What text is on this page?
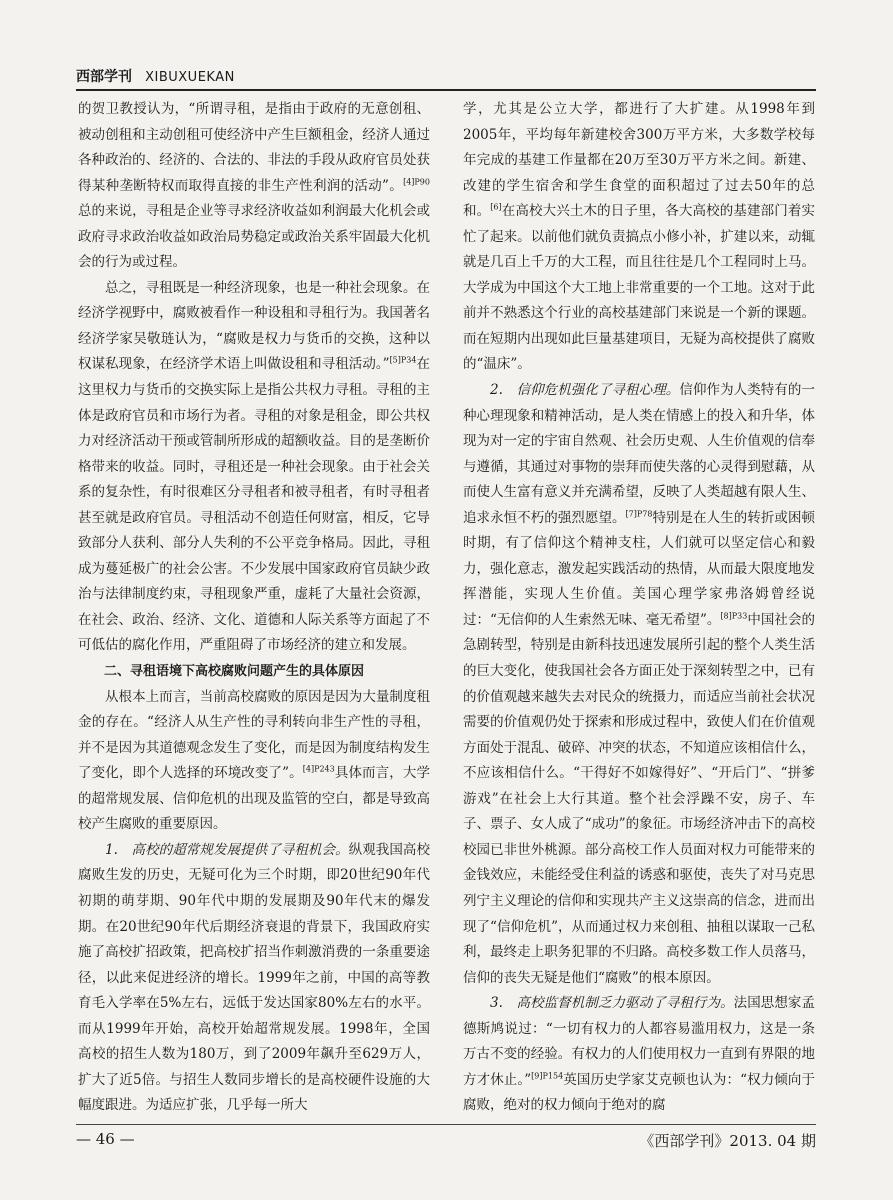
西部学刊 XIBUXUEKAN

的贺卫教授认为，“所谓寻租，是指由于政府的无意创租、被动创租和主动创租可使经济中产生巨额租金，经济人通过各种政治的、经济的、合法的、非法的手段从政府官员处获得某种垄断特权而取得直接的非生产性利润的活动”。$^{[4]P90}$总的来说，寻租是企业等寻求经济收益如利润最大化机会或政府寻求政治收益如政治局势稳定或政治关系牢固最大化机会的行为或过程。

总之，寻租既是一种经济现象，也是一种社会现象。在经济学视野中，腐败被看作一种设租和寻租行为。我国著名经济学家吴敬琏认为，“腐败是权力与货币的交换，这种以权谋私现象，在经济学术语上叫做设租和寻租活动。”$^{[5]P34}$在这里权力与货币的交换实际上是指公共权力寻租。寻租的主体是政府官员和市场行为者。寻租的对象是租金，即公共权力对经济活动干预或管制所形成的超额收益。目的是垄断价格带来的收益。同时，寻租还是一种社会现象。由于社会关系的复杂性，有时很难区分寻租者和被寻租者，有时寻租者甚至就是政府官员。寻租活动不创造任何财富，相反，它导致部分人获利、部分人失利的不公平竞争格局。因此，寻租成为蔓延极广的社会公害。不少发展中国家政府官员缺少政治与法律制度约束，寻租现象严重，虚耗了大量社会资源，在社会、政治、经济、文化、道德和人际关系等方面起了不可低估的腐化作用，严重阻碍了市场经济的建立和发展。

二、寻租语境下高校腐败问题产生的具体原因

从根本上而言，当前高校腐败的原因是因为大量制度租金的存在。“经济人从生产性的寻利转向非生产性的寻租，并不是因为其道德观念发生了变化，而是因为制度结构发生了变化，即个人选择的环境改变了”。$^{[4]P243}$具体而言，大学的超常规发展、信仰危机的出现及监管的空白，都是导致高校产生腐败的重要原因。

1.　高校的超常规发展提供了寻租机会。纵观我国高校腐败生发的历史，无疑可化为三个时期，即20世纪90年代初期的萌芽期、90年代中期的发展期及90年代末的爆发期。在20世纪90年代后期经济衰退的背景下，我国政府实施了高校扩招政策，把高校扩招当作刺激消费的一条重要途径，以此来促进经济的增长。1999年之前，中国的高等教育毛入学率在5%左右，远低于发达国家80%左右的水平。而从1999年开始，高校开始超常规发展。1998年，全国高校的招生人数为180万，到了2009年飙升至629万人，扩大了近5倍。与招生人数同步增长的是高校硬件设施的大幅度跟进。为适应扩张，几乎每一所大

学，尤其是公立大学，都进行了大扩建。从1998年到2005年，平均每年新建校舍300万平方米，大多数学校每年完成的基建工作量都在20万至30万平方米之间。新建、改建的学生宿舍和学生食堂的面积超过了过去50年的总和。[6]在高校大兴土木的日子里，各大高校的基建部门着实忙了起来。以前他们就负责搞点小修小补，扩建以来，动辄就是几百上千万的大工程，而且往往是几个工程同时上马。大学成为中国这个大工地上非常重要的一个工地。这对于此前并不熟悉这个行业的高校基建部门来说是一个新的课题。而在短期内出现如此巨量基建项目，无疑为高校提供了腐败的“温床”。

2.　信仰危机强化了寻租心理。信仰作为人类特有的一种心理现象和精神活动，是人类在情感上的投入和升华，体现为对一定的宇宙自然观、社会历史观、人生价值观的信奉与遵循，其通过对事物的崇拜而使失落的心灵得到慰藉，从而使人生富有意义并充满希望，反映了人类超越有限人生、追求永恒不朽的强烈愿望。$^{[7]P78}$特别是在人生的转折或困顿时期，有了信仰这个精神支柱，人们就可以坚定信心和毅力，强化意志，激发起实践活动的热情，从而最大限度地发挥潜能，实现人生价值。美国心理学家弗洛姆曾经说过：“无信仰的人生索然无味、毫无希望”。$^{[8]P33}$中国社会的急剧转型，特别是由新科技迅速发展所引起的整个人类生活的巨大变化，使我国社会各方面正处于深刻转型之中，已有的价值观越来越失去对民众的统摄力，而适应当前社会状况需要的价值观仍处于探索和形成过程中，致使人们在价值观方面处于混乱、破碎、冲突的状态，不知道应该相信什么，不应该相信什么。“干得好不如嫁得好”、“开后门”、“拼爹游戏”在社会上大行其道。整个社会浮躁不安，房子、车子、票子、女人成了“成功”的象征。市场经济冲击下的高校校园已非世外桃源。部分高校工作人员面对权力可能带来的金钱效应，未能经受住利益的诱惑和驱使，丧失了对马克思列宁主义理论的信仰和实现共产主义这崇高的信念，进而出现了“信仰危机”，从而通过权力来创租、抽租以谋取一己私利，最终走上职务犯罪的不归路。高校多数工作人员落马，信仰的丧失无疑是他们“腐败”的根本原因。

3.　高校监督机制乏力驱动了寻租行为。法国思想家孟德斯鸠说过：“一切有权力的人都容易滥用权力，这是一条万古不变的经验。有权力的人们使用权力一直到有界限的地方才休止。”$^{[9]P154}$英国历史学家艾克顿也认为：“权力倾向于腐败，绝对的权力倾向于绝对的腐

— 46 —	《西部学刊》2013. 04 期
